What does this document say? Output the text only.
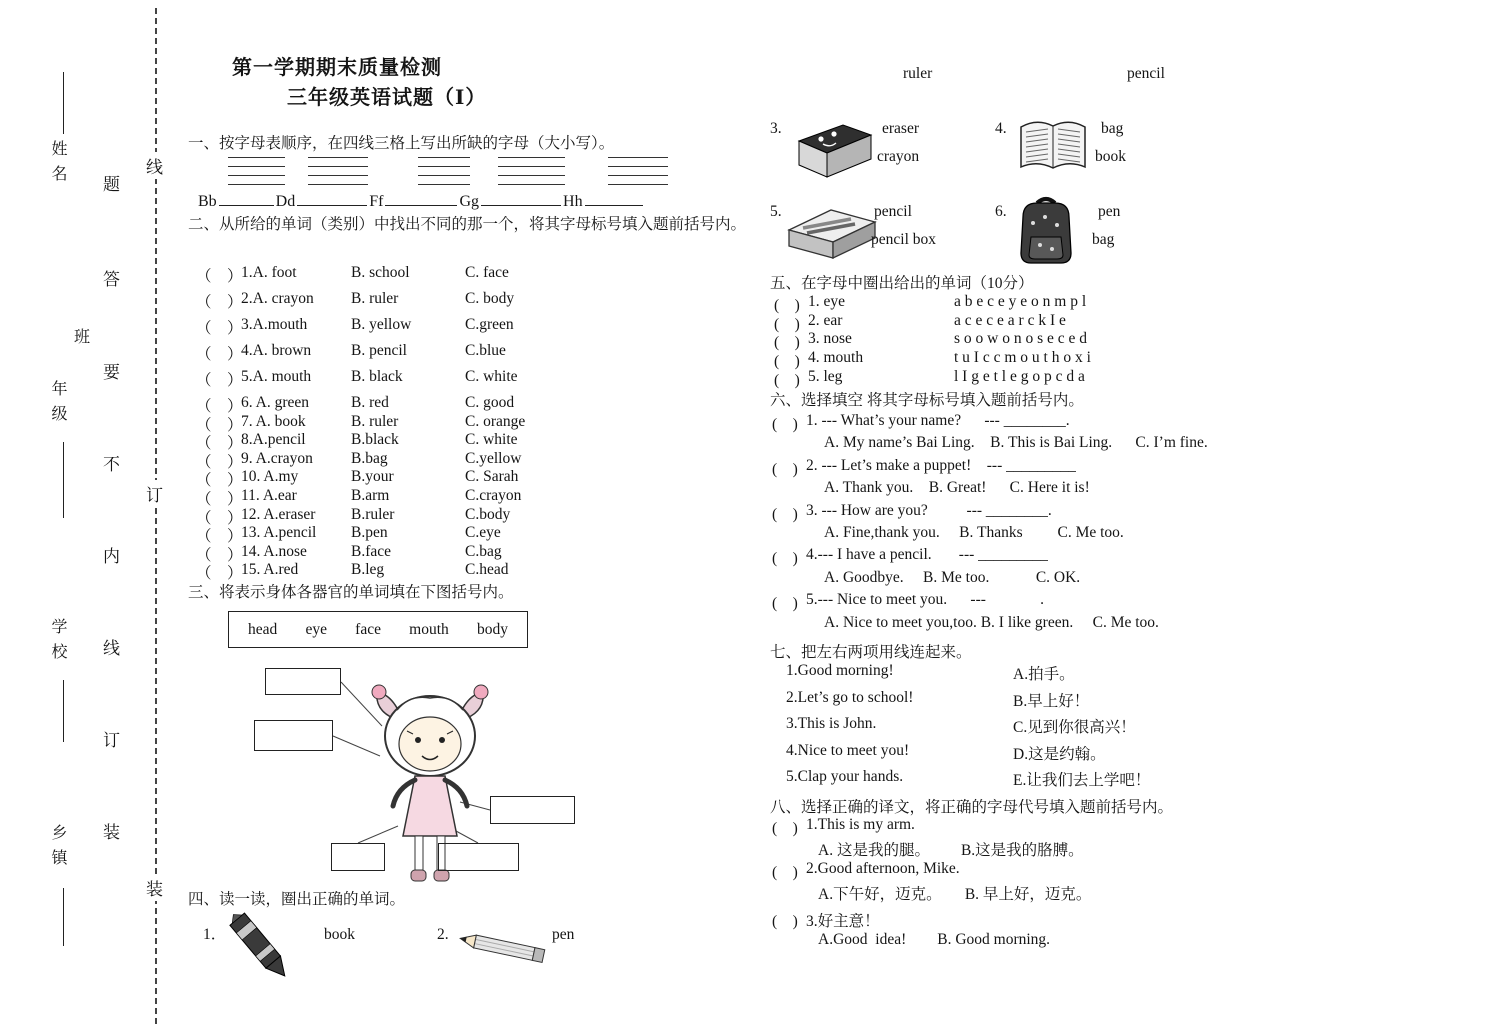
姓名
班
年级
学校
乡镇
题
答
要
不
内
线
订
装
线
订
装
第一学期期末质量检测
三年级英语试题（Ⅰ）
一、按字母表顺序，在四线三格上写出所缺的字母（大小写）。
Bb	Dd	Ff	Gg	Hh
二、从所给的单词（类别）中找出不同的那一个，将其字母标号填入题前括号内。
（　）
1.A. foot	B. school	C. face
（　）
2.A. crayon	B. ruler	C. body
（　）
3.A.mouth	B. yellow	C.green
（　）
4.A. brown	B. pencil	C.blue
（　）
5.A. mouth	B. black	C. white
（　）
6. A. green	B. red	C. good
（　）
7. A. book	B. ruler	C. orange
（　）
8.A.pencil	B.black	C. white
（　）
9. A.crayon	B.bag	C.yellow
（　）
10. A.my	B.your	C. Sarah
（　）
11. A.ear	B.arm	C.crayon
（　）
12. A.eraser	B.ruler	C.body
（　）
13. A.pencil	B.pen	C.eye
（　）
14. A.nose	B.face	C.bag
（　）
15. A.red	B.leg	C.head
三、将表示身体各器官的单词填在下图括号内。
head eye face mouth body
四、读一读，圈出正确的单词。
1．	book	2.	pen
ruler	pencil
3.	eraser
crayon
4.	bag
book
5.	pencil
pencil box
6.	pen
bag
五、在字母中圈出给出的单词（10分）
(　) 1. eye	a b e c e y e o n m p l
(　) 2. ear	a c e c e a r c k I e
(　) 3. nose	s o o w o n o s e c e d
(　) 4. mouth	t u I c c m o u t h o x i
(　) 5. leg	l I g e t l e g o p c d a
六、选择填空 将其字母标号填入题前括号内。
(　) 1. --- What’s your name?      --- ________.
A. My name’s Bai Ling.    B. This is Bai Ling.      C. I’m fine.
(　) 2. --- Let’s make a puppet!    --- _________
A. Thank you.    B. Great!      C. Here it is!
(　) 3. --- How are you?          --- ________.
A. Fine,thank you.     B. Thanks         C. Me too.
(　) 4.--- I have a pencil.       --- _________
A. Goodbye.     B. Me too.            C. OK.
(　) 5.--- Nice to meet you.      ---              .
A. Nice to meet you,too. B. I like green.     C. Me too.
七、把左右两项用线连起来。
1.Good morning!	A.拍手。
2.Let’s go to school!	B.早上好！
3.This is John.	C.见到你很高兴！
4.Nice to meet you!	D.这是约翰。
5.Clap your hands.	E.让我们去上学吧！
八、选择正确的译文，将正确的字母代号填入题前括号内。
(　) 1.This is my arm.
A. 这是我的腿。        B.这是我的胳膊。
(　) 2.Good afternoon, Mike.
A.下午好，迈克。      B. 早上好，迈克。
(　) 3.好主意！
A.Good  idea!        B. Good morning.
